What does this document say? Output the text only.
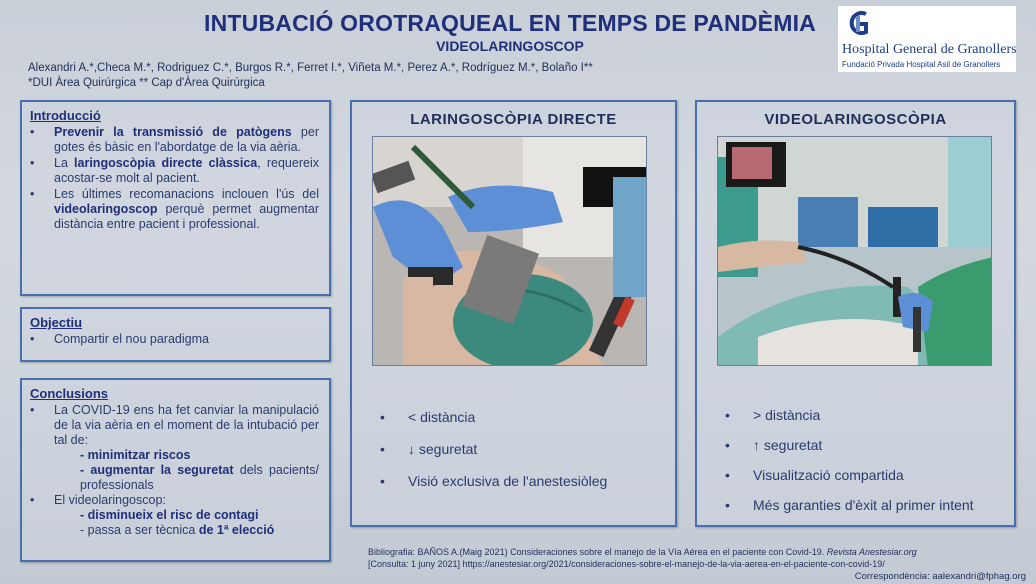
INTUBACIÓ OROTRAQUEAL EN TEMPS DE PANDÈMIA
VIDEOLARINGOSCOP
Alexandri A.*,Checa M.*, Rodriguez C.*, Burgos R.*, Ferret I.*, Viñeta M.*, Perez A.*, Rodríguez M.*, Bolaño I**
*DUI Àrea Quirúrgica ** Cap d'Àrea Quirúrgica
Hospital General de Granollers
Fundació Privada Hospital Asil de Granollers
Introducció
• Prevenir la transmissió de patògens per gotes és bàsic en l'abordatge de la via aèria.
• La laringoscòpia directe clàssica, requereix acostar-se molt al pacient.
• Les últimes recomanacions inclouen l'ús del videolaringoscop perquè permet augmentar distància entre pacient i professional.
Objectiu
• Compartir el nou paradigma
Conclusions
• La COVID-19 ens ha fet canviar la manipulació de la via aèria en el moment de la intubació per tal de:
- minimitzar riscos
- augmentar la seguretat dels pacients/ professionals
• El videolaringoscop:
- disminueix el risc de contagi
- passa a ser tècnica de 1ª elecció
LARINGOSCÒPIA DIRECTE
• < distància
• ↓ seguretat
• Visió exclusiva de l'anestesiòleg
VIDEOLARINGOSCÒPIA
• > distància
• ↑ seguretat
• Visualització compartida
• Més garanties d'èxit al primer intent
Bibliografia: BAÑOS A.(Maig 2021) Consideraciones sobre el manejo de la Vía Aérea en el paciente con Covid-19. Revista Anestesiar.org
[Consulta: 1 juny 2021] https://anestesiar.org/2021/consideraciones-sobre-el-manejo-de-la-via-aerea-en-el-paciente-con-covid-19/
Correspondència: aalexandri@fphag.org
